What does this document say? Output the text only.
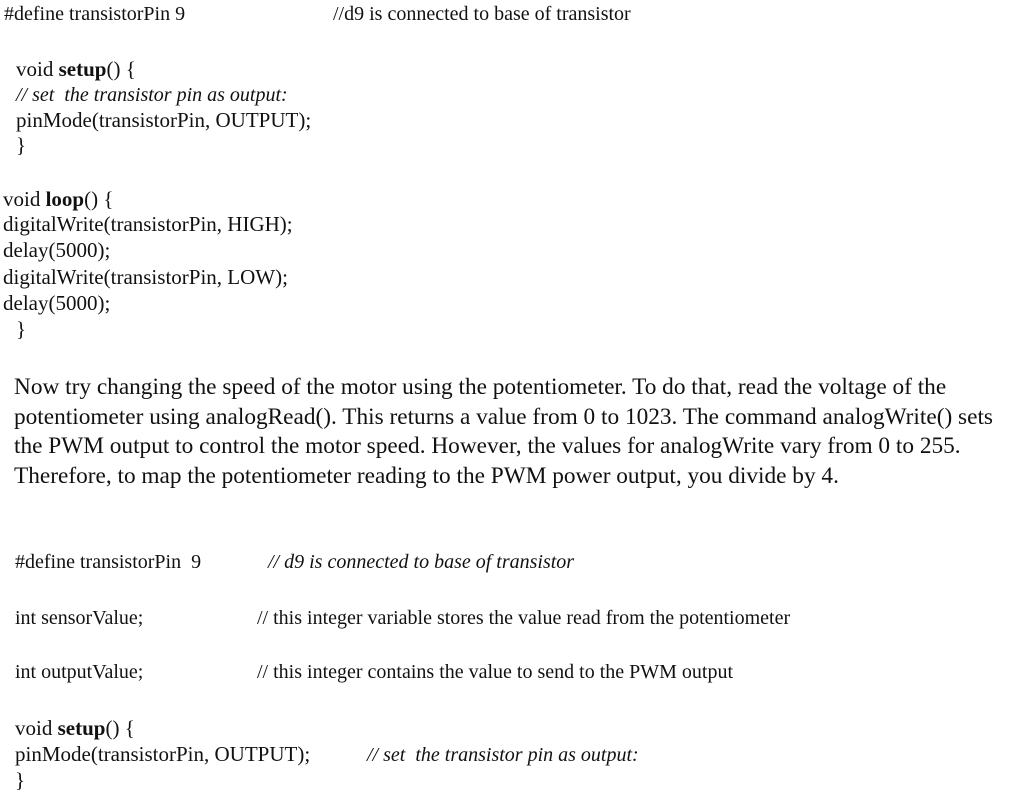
#define transistorPin 9	//d9 is connected to base of transistor

void setup() {

// set  the transistor pin as output:

pinMode(transistorPin, OUTPUT);

}

void loop() {

digitalWrite(transistorPin, HIGH);

delay(5000);

digitalWrite(transistorPin, LOW);

delay(5000);

}

Now try changing the speed of the motor using the potentiometer. To do that, read the voltage of the potentiometer using analogRead(). This returns a value from 0 to 1023. The command analogWrite() sets the PWM output to control the motor speed. However, the values for analogWrite vary from 0 to 255. Therefore, to map the potentiometer reading to the PWM power output, you divide by 4.

#define transistorPin  9	// d9 is connected to base of transistor

int sensorValue;	// this integer variable stores the value read from the potentiometer

int outputValue;	// this integer contains the value to send to the PWM output

void setup() {

pinMode(transistorPin, OUTPUT);	// set  the transistor pin as output:

}
